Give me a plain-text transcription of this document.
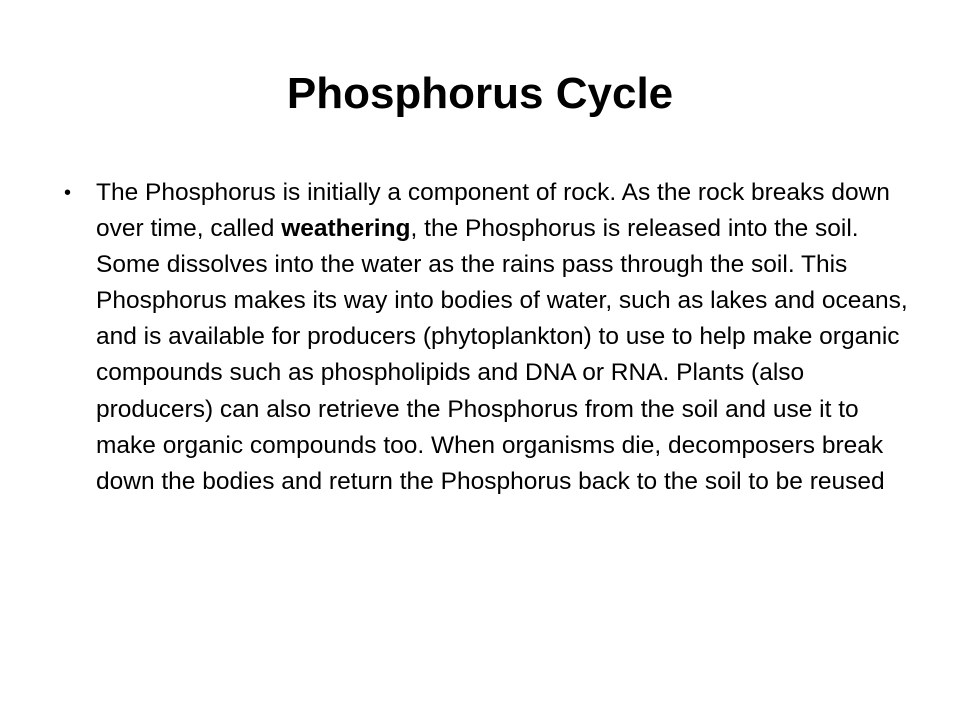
Phosphorus Cycle
• The Phosphorus is initially a component of rock. As the rock breaks down over time, called weathering, the Phosphorus is released into the soil. Some dissolves into the water as the rains pass through the soil. This Phosphorus makes its way into bodies of water, such as lakes and oceans, and is available for producers (phytoplankton) to use to help make organic compounds such as phospholipids and DNA or RNA. Plants (also producers) can also retrieve the Phosphorus from the soil and use it to make organic compounds too. When organisms die, decomposers break down the bodies and return the Phosphorus back to the soil to be reused
